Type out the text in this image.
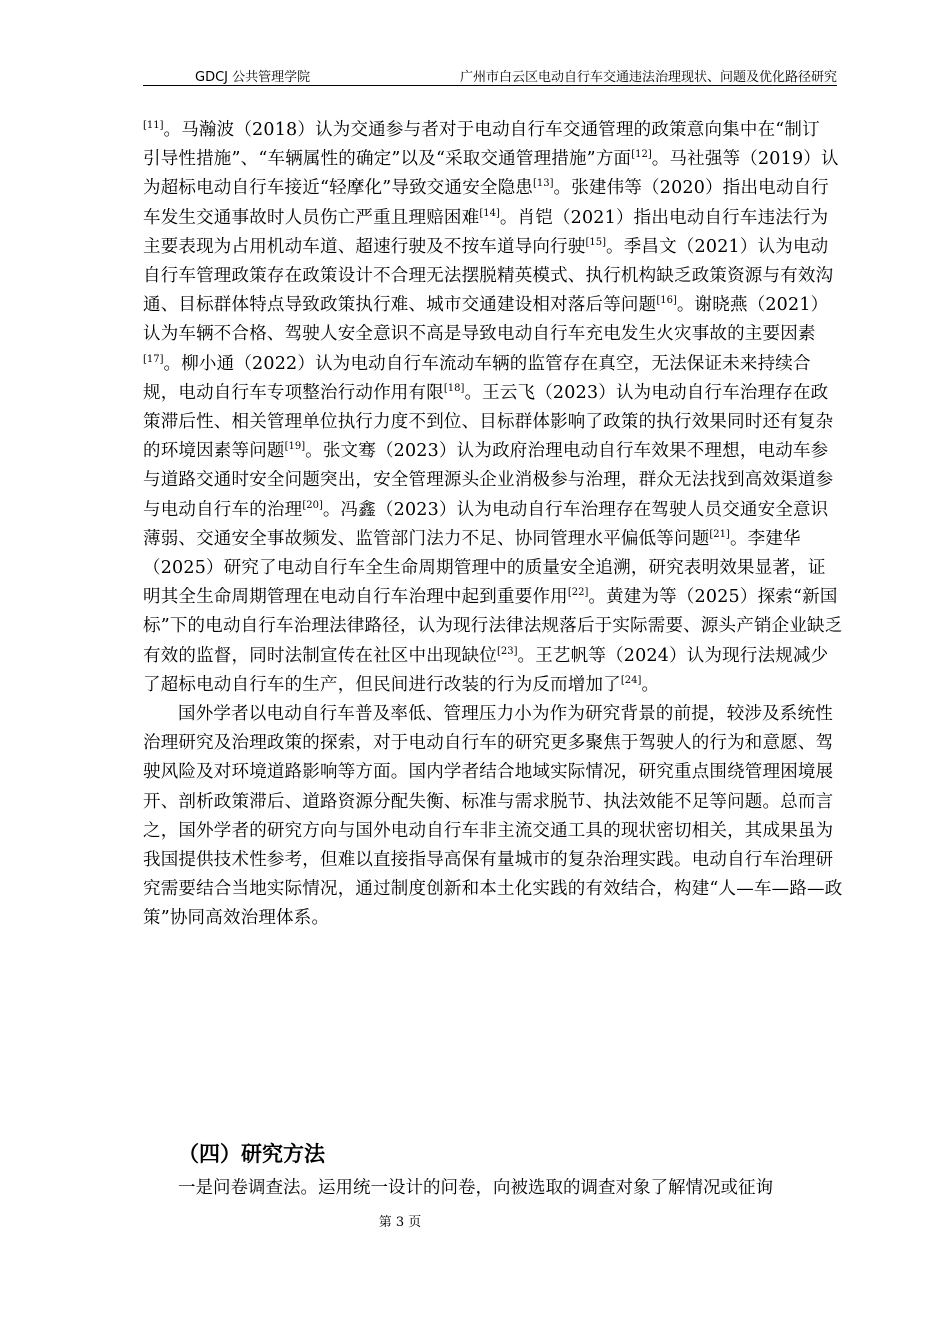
GDCJ 公共管理学院	广州市白云区电动自行车交通违法治理现状、问题及优化路径研究

[11]。马瀚波（2018）认为交通参与者对于电动自行车交通管理的政策意向集中在“制订
引导性措施”、“车辆属性的确定”以及“采取交通管理措施”方面[12]。马社强等（2019）认为超标电动自行车接近“轻摩化”导致交通安全隐患[13]。张建伟等（2020）指出电动自行车发生交通事故时人员伤亡严重且理赔困难[14]。肖铠（2021）指出电动自行车违法行为主要表现为占用机动车道、超速行驶及不按车道导向行驶[15]。季昌文（2021）认为电动自行车管理政策存在政策设计不合理无法摆脱精英模式、执行机构缺乏政策资源与有效沟通、目标群体特点导致政策执行难、城市交通建设相对落后等问题[16]。谢晓燕（2021）认为车辆不合格、驾驶人安全意识不高是导致电动自行车充电发生火灾事故的主要因素[17]。柳小通（2022）认为电动自行车流动车辆的监管存在真空，无法保证未来持续合规，电动自行车专项整治行动作用有限[18]。王云飞（2023）认为电动自行车治理存在政策滞后性、相关管理单位执行力度不到位、目标群体影响了政策的执行效果同时还有复杂的环境因素等问题[19]。张文骞（2023）认为政府治理电动自行车效果不理想，电动车参与道路交通时安全问题突出，安全管理源头企业消极参与治理，群众无法找到高效渠道参与电动自行车的治理[20]。冯鑫（2023）认为电动自行车治理存在驾驶人员交通安全意识薄弱、交通安全事故频发、监管部门法力不足、协同管理水平偏低等问题[21]。李建华（2025）研究了电动自行车全生命周期管理中的质量安全追溯，研究表明效果显著，证明其全生命周期管理在电动自行车治理中起到重要作用[22]。黄建为等（2025）探索“新国标”下的电动自行车治理法律路径，认为现行法律法规落后于实际需要、源头产销企业缺乏有效的监督，同时法制宣传在社区中出现缺位[23]。王艺帆等（2024）认为现行法规减少了超标电动自行车的生产，但民间进行改装的行为反而增加了[24]。

国外学者以电动自行车普及率低、管理压力小为作为研究背景的前提，较涉及系统性治理研究及治理政策的探索，对于电动自行车的研究更多聚焦于驾驶人的行为和意愿、驾驶风险及对环境道路影响等方面。国内学者结合地域实际情况，研究重点围绕管理困境展开、剖析政策滞后、道路资源分配失衡、标准与需求脱节、执法效能不足等问题。总而言之，国外学者的研究方向与国外电动自行车非主流交通工具的现状密切相关，其成果虽为我国提供技术性参考，但难以直接指导高保有量城市的复杂治理实践。电动自行车治理研究需要结合当地实际情况，通过制度创新和本土化实践的有效结合，构建“人—车—路—政策”协同高效治理体系。

（四）研究方法
一是问卷调查法。运用统一设计的问卷，向被选取的调查对象了解情况或征询
第 3 页
